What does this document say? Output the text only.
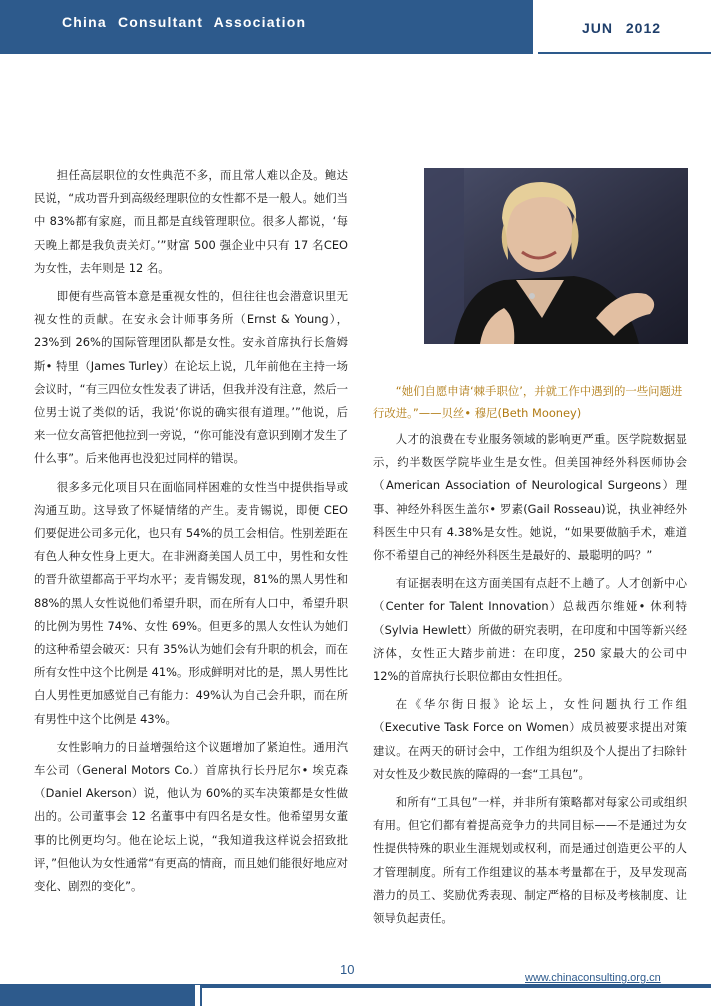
China Consultant Association	JUN 2012

担任高层职位的女性典范不多，而且常人难以企及。鲍达民说，“成功晋升到高级经理职位的女性都不是一般人。她们当中 83%都有家庭，而且都是直线管理职位。很多人都说，‘每天晚上都是我负责关灯。’”财富 500 强企业中只有 17 名CEO为女性，去年则是 12 名。

即便有些高管本意是重视女性的，但往往也会潜意识里无视女性的贡献。在安永会计师事务所（Ernst & Young），23%到 26%的国际管理团队都是女性。安永首席执行长詹姆斯• 特里（James Turley）在论坛上说，几年前他在主持一场会议时，“有三四位女性发表了讲话，但我并没有注意，然后一位男士说了类似的话，我说‘你说的确实很有道理。’”他说，后来一位女高管把他拉到一旁说，“你可能没有意识到刚才发生了什么事”。后来他再也没犯过同样的错误。

很多多元化项目只在面临同样困难的女性当中提供指导或沟通互助。这导致了怀疑情绪的产生。麦肯锡说，即便 CEO 们要促进公司多元化，也只有 54%的员工会相信。性别差距在有色人种女性身上更大。在非洲裔美国人员工中，男性和女性的晋升欲望都高于平均水平；麦肯锡发现，81%的黑人男性和 88%的黑人女性说他们希望升职，而在所有人口中，希望升职的比例为男性 74%、女性 69%。但更多的黑人女性认为她们的这种希望会破灭：只有 35%认为她们会有升职的机会，而在所有女性中这个比例是 41%。形成鲜明对比的是，黑人男性比白人男性更加感觉自己有能力：49%认为自己会升职，而在所有男性中这个比例是 43%。

女性影响力的日益增强给这个议题增加了紧迫性。通用汽车公司（General Motors Co.）首席执行长丹尼尔• 埃克森（Daniel Akerson）说，他认为 60%的买车决策都是女性做出的。公司董事会 12 名董事中有四名是女性。他希望男女董事的比例更均匀。他在论坛上说，“我知道我这样说会招致批评，”但他认为女性通常“有更高的情商，而且她们能很好地应对变化、剧烈的变化”。

“她们自愿申请‘棘手职位’，并就工作中遇到的一些问题进行改进。”——贝丝• 穆尼(Beth Mooney)

人才的浪费在专业服务领域的影响更严重。医学院数据显示，约半数医学院毕业生是女性。但美国神经外科医师协会（American Association of Neurological Surgeons）理事、神经外科医生盖尔• 罗素(Gail Rosseau)说，执业神经外科医生中只有 4.38%是女性。她说，“如果要做脑手术，难道你不希望自己的神经外科医生是最好的、最聪明的吗？”

有证据表明在这方面美国有点赶不上趟了。人才创新中心（Center for Talent Innovation）总裁西尔维娅• 休利特（Sylvia Hewlett）所做的研究表明，在印度和中国等新兴经济体，女性正大踏步前进：在印度，250 家最大的公司中 12%的首席执行长职位都由女性担任。

在《华尔街日报》论坛上，女性问题执行工作组（Executive Task Force on Women）成员被要求提出对策建议。在两天的研讨会中，工作组为组织及个人提出了扫除针对女性及少数民族的障碍的一套“工具包”。

和所有“工具包”一样，并非所有策略都对每家公司或组织有用。但它们都有着提高竞争力的共同目标——不是通过为女性提供特殊的职业生涯规划或权利，而是通过创造更公平的人才管理制度。所有工作组建议的基本考量都在于，及早发现高潜力的员工、奖励优秀表现、制定严格的目标及考核制度、让领导负起责任。

10
www.chinaconsulting.org.cn
